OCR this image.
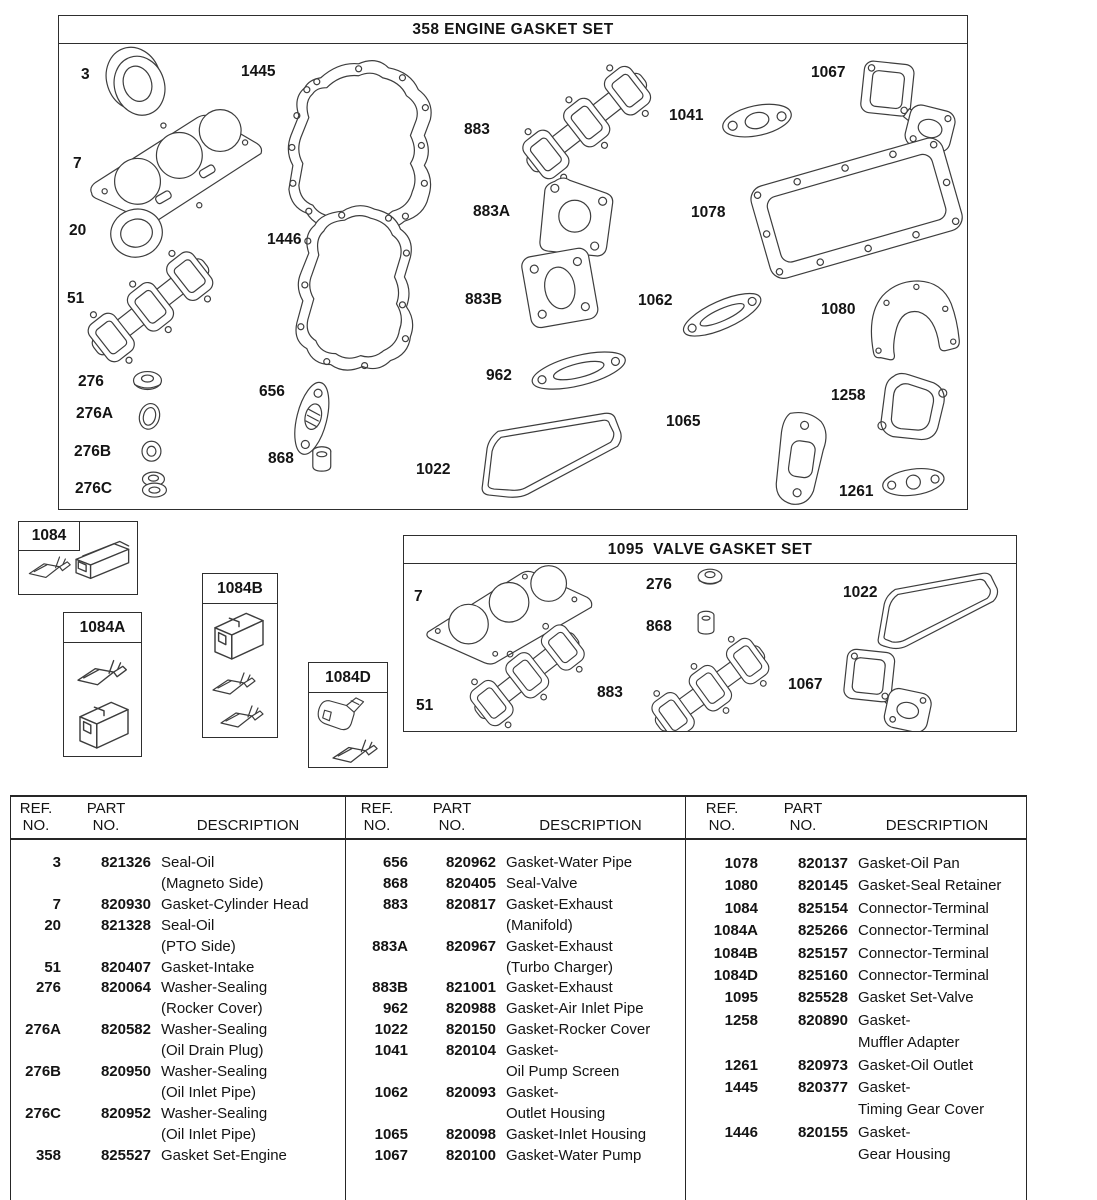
358 ENGINE GASKET SET
3	1445
883
1041
1067
7
883A	1078
20
1446
51	883B	1062
1080
276
656
962
1258
276A	1065
276B	868
1022
276C	1261
1095  VALVE GASKET SET
7
276	1022
868
883	1067
51
1084
1084A
1084B
1084D
REF.
NO.
PART
NO.	DESCRIPTION
3	821326 Seal-Oil
(Magneto Side)
7	820930 Gasket-Cylinder Head
20	821328 Seal-Oil
(PTO Side)
51	820407 Gasket-Intake
276	820064 Washer-Sealing
(Rocker Cover)
276A	820582 Washer-Sealing
(Oil Drain Plug)
276B	820950 Washer-Sealing
(Oil Inlet Pipe)
276C	820952 Washer-Sealing
(Oil Inlet Pipe)
358	825527 Gasket Set-Engine
REF.
NO.
PART
NO.	DESCRIPTION
656	820962 Gasket-Water Pipe
868	820405 Seal-Valve
883	820817 Gasket-Exhaust
(Manifold)
883A	820967 Gasket-Exhaust
(Turbo Charger)
883B	821001 Gasket-Exhaust
962	820988 Gasket-Air Inlet Pipe
1022	820150 Gasket-Rocker Cover
1041	820104 Gasket-
Oil Pump Screen
1062	820093 Gasket-
Outlet Housing
1065	820098 Gasket-Inlet Housing
1067	820100 Gasket-Water Pump
REF.
NO.
PART
NO.	DESCRIPTION
1078	820137 Gasket-Oil Pan
1080	820145 Gasket-Seal Retainer
1084	825154 Connector-Terminal
1084A	825266 Connector-Terminal
1084B	825157 Connector-Terminal
1084D	825160 Connector-Terminal
1095	825528 Gasket Set-Valve
1258	820890 Gasket-
Muffler Adapter
1261	820973 Gasket-Oil Outlet
1445	820377 Gasket-
Timing Gear Cover
1446	820155 Gasket-
Gear Housing
